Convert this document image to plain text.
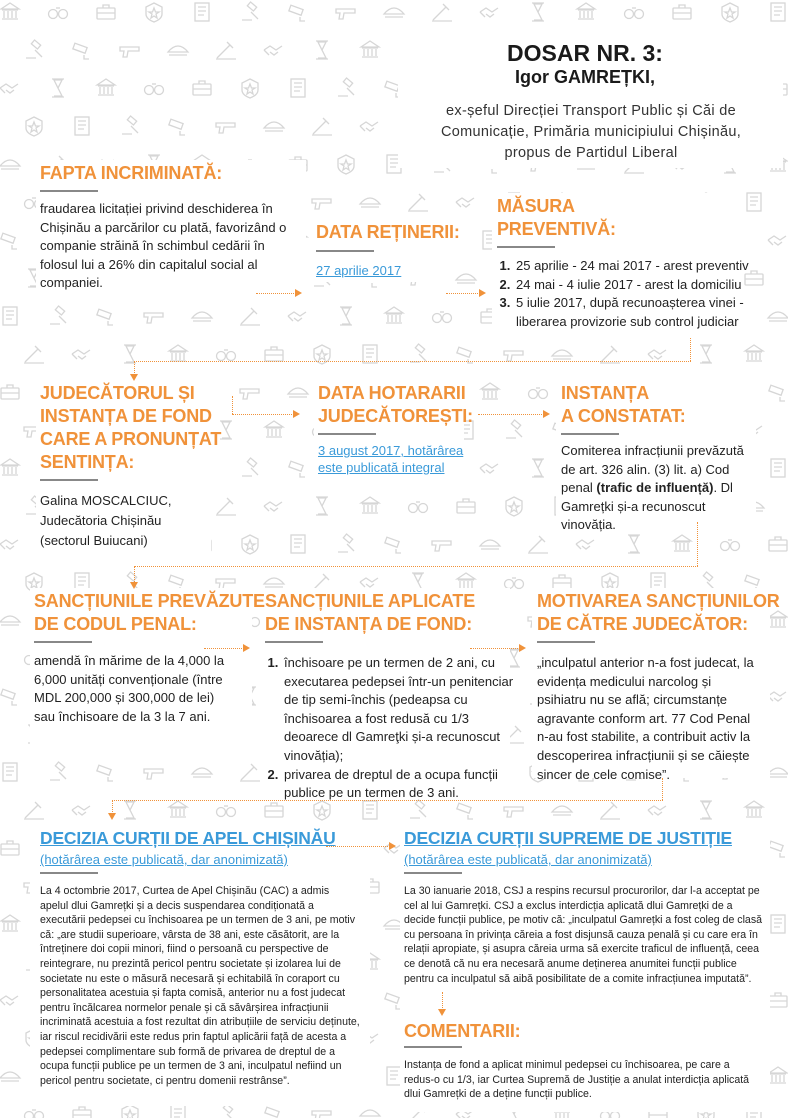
DOSAR NR. 3:
Igor GAMREȚKI,
ex-șeful Direcției Transport Public și Căi de
Comunicație, Primăria municipiului Chișinău,
propus de Partidul Liberal
FAPTA INCRIMINATĂ:
fraudarea licitației privind deschiderea în Chișinău a parcărilor cu plată, favorizând o companie străină în schimbul cedării în folosul lui a 26% din capitalul social al companiei.
DATA REȚINERII:
27 aprilie 2017
MĂSURA
PREVENTIVĂ:
1. 25 aprilie - 24 mai 2017 - arest preventiv
2. 24 mai - 4 iulie 2017 - arest la domiciliu
3. 5 iulie 2017, după recunoașterea vinei - liberarea provizorie sub control judiciar
JUDECĂTORUL ȘI
INSTANȚA DE FOND
CARE A PRONUNȚAT
SENTINȚA:
Galina MOSCALCIUC,
Judecătoria Chișinău
(sectorul Buiucani)
DATA HOTARARII
JUDECĂTOREȘTI:
3 august 2017, hotărârea
este publicată integral
INSTANȚA
A CONSTATAT:
Comiterea infracțiunii prevăzută de art. 326 alin. (3) lit. a) Cod penal (trafic de influență). Dl Gamrețki și-a recunoscut vinovăția.
SANCȚIUNILE PREVĂZUTE
DE CODUL PENAL:
amendă în mărime de la 4,000 la 6,000 unități convenționale (între MDL 200,000 și 300,000 de lei) sau închisoare de la 3 la 7 ani.
SANCȚIUNILE APLICATE
DE INSTANȚA DE FOND:
1. închisoare pe un termen de 2 ani, cu executarea pedepsei într-un penitenciar de tip semi-închis (pedeapsa cu închisoarea a fost redusă cu 1/3 deoarece dl Gamreţki și-a recunoscut vinovăția);
2. privarea de dreptul de a ocupa funcții publice pe un termen de 3 ani.
MOTIVAREA SANCȚIUNILOR
DE CĂTRE JUDECĂTOR:
„inculpatul anterior n-a fost judecat, la evidența medicului narcolog și psihiatru nu se află; circumstanțe agravante conform art. 77 Cod Penal n-au fost stabilite, a contribuit activ la descoperirea infracțiunii și se căiește sincer de cele comise”.
DECIZIA CURȚII DE APEL CHIȘINĂU
(hotărârea este publicată, dar anonimizată)
La 4 octombrie 2017, Curtea de Apel Chișinău (CAC) a admis apelul dlui Gamrețki și a decis suspendarea condiționată a executării pedepsei cu închisoarea pe un termen de 3 ani, pe motiv că: „are studii superioare, vârsta de 38 ani, este căsătorit, are la întreținere doi copii minori, fiind o persoană cu perspective de reintegrare, nu prezintă pericol pentru societate și izolarea lui de societate nu este o măsură necesară și echitabilă în coraport cu personalitatea acestuia și fapta comisă, anterior nu a fost judecat pentru încălcarea normelor penale și că săvârșirea infracțiunii incriminată acestuia a fost rezultat din atribuțiile de serviciu deținute, iar riscul recidivării este redus prin faptul aplicării față de acesta a pedepsei complimentare sub formă de privarea de dreptul de a ocupa funcții publice pe un termen de 3 ani, inculpatul nefiind un pericol pentru societate, ci pentru domenii restrânse”.
DECIZIA CURȚII SUPREME DE JUSTIȚIE
(hotărârea este publicată, dar anonimizată)
La 30 ianuarie 2018, CSJ a respins recursul procurorilor, dar l-a acceptat pe cel al lui Gamrețki. CSJ a exclus interdicția aplicată dlui Gamrețki de a decide funcții publice, pe motiv că: „inculpatul Gamrețki a fost coleg de clasă cu persoana în privința căreia a fost disjunsă cauza penală și cu care era în relații apropiate, și asupra căreia urma să exercite traficul de influență, ceea ce denotă că nu era necesară anume deținerea anumitei funcții publice pentru ca inculpatul să aibă posibilitate de a comite infracțiunea imputată”.
COMENTARII:
Instanța de fond a aplicat minimul pedepsei cu închisoarea, pe care a redus-o cu 1/3, iar Curtea Supremă de Justiție a anulat interdicția aplicată dlui Gamrețki de a deține funcții publice.
